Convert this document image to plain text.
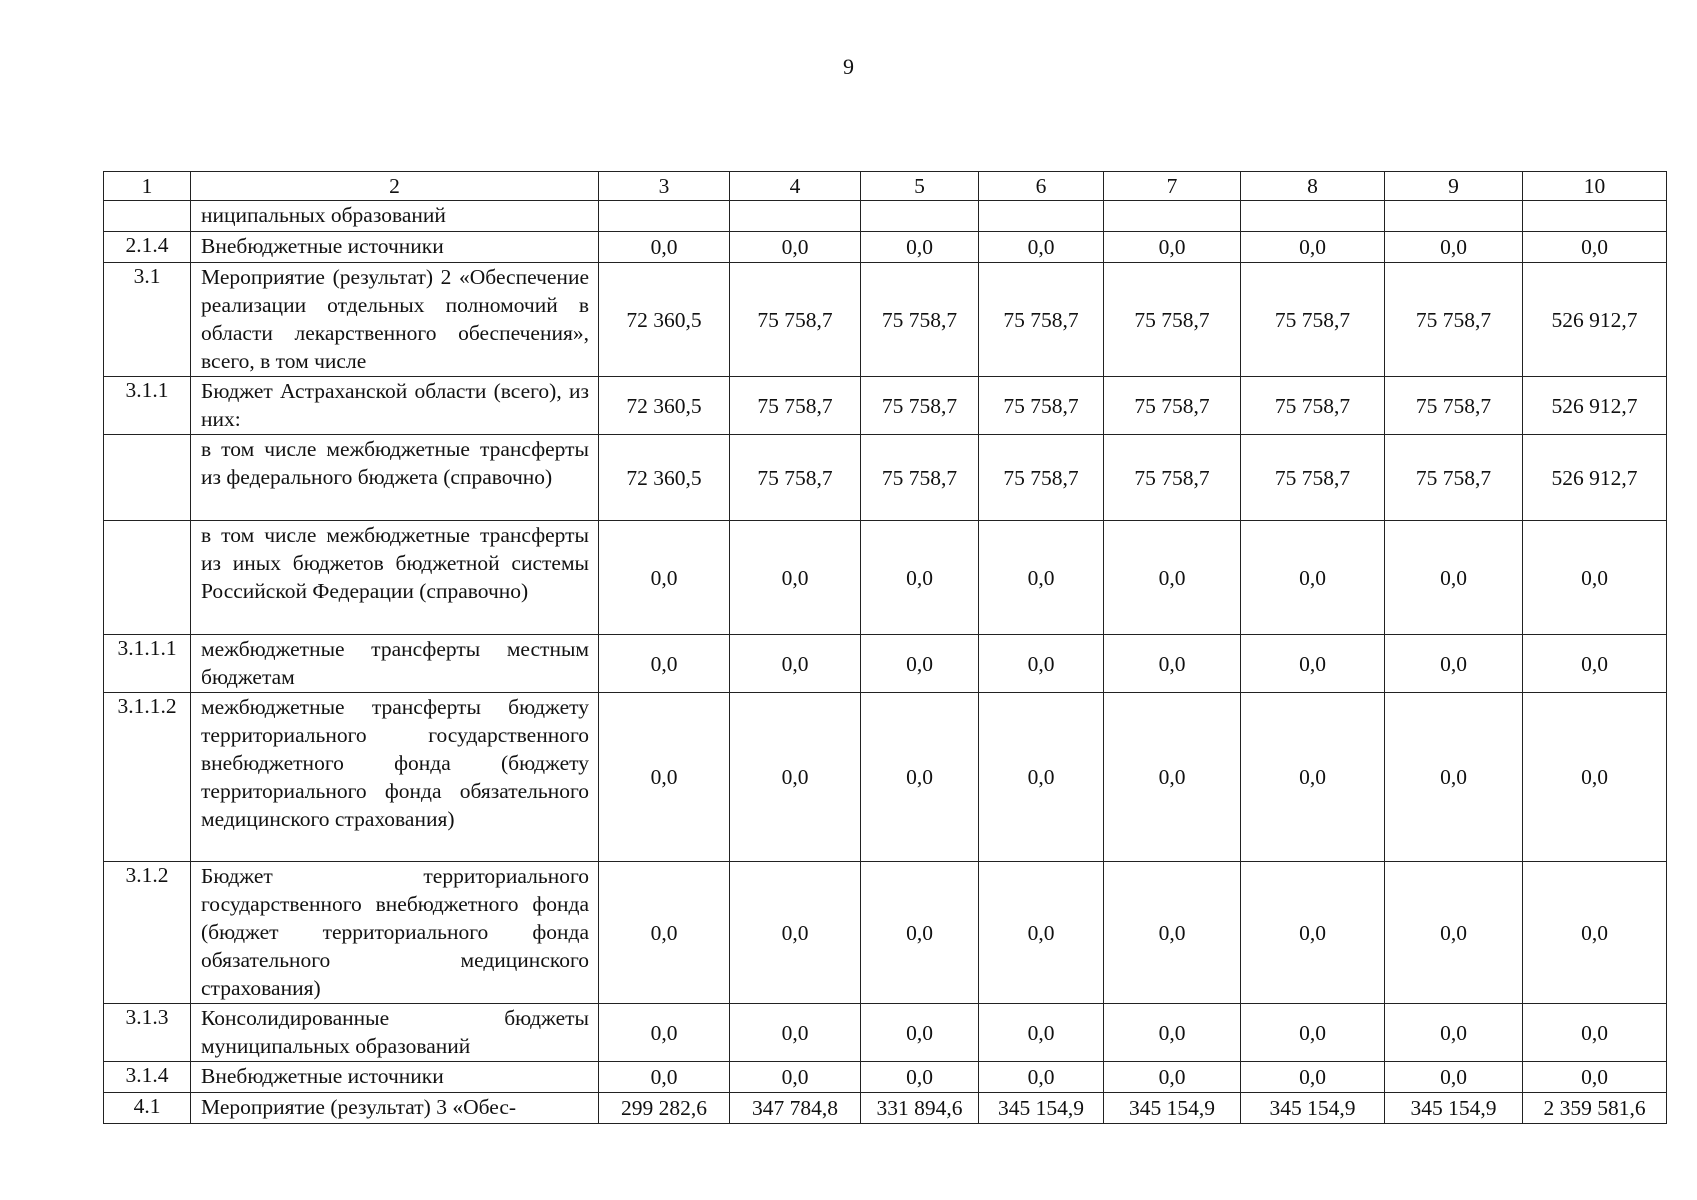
9
1	2	3	4	5	6	7	8	9	10
	ниципальных образований								
2.1.4	Внебюджетные источники	0,0	0,0	0,0	0,0	0,0	0,0	0,0	0,0
3.1	Мероприятие (результат) 2 «Обеспечение реализации отдельных полномочий в области лекарственного обеспечения», всего, в том числе	72 360,5	75 758,7	75 758,7	75 758,7	75 758,7	75 758,7	75 758,7	526 912,7
3.1.1	Бюджет Астраханской области (всего), из них:	72 360,5	75 758,7	75 758,7	75 758,7	75 758,7	75 758,7	75 758,7	526 912,7
	в том числе межбюджетные трансферты из федерального бюджета (справочно)	72 360,5	75 758,7	75 758,7	75 758,7	75 758,7	75 758,7	75 758,7	526 912,7
	в том числе межбюджетные трансферты из иных бюджетов бюджетной системы Российской Федерации (справочно)	0,0	0,0	0,0	0,0	0,0	0,0	0,0	0,0
3.1.1.1	межбюджетные трансферты местным бюджетам	0,0	0,0	0,0	0,0	0,0	0,0	0,0	0,0
3.1.1.2	межбюджетные трансферты бюджету территориального государственного внебюджетного фонда (бюджету территориального фонда обязательного медицинского страхования)	0,0	0,0	0,0	0,0	0,0	0,0	0,0	0,0
3.1.2	Бюджет территориального государственного внебюджетного фонда (бюджет территориального фонда обязательного медицинского страхования)	0,0	0,0	0,0	0,0	0,0	0,0	0,0	0,0
3.1.3	Консолидированные бюджеты муниципальных образований	0,0	0,0	0,0	0,0	0,0	0,0	0,0	0,0
3.1.4	Внебюджетные источники	0,0	0,0	0,0	0,0	0,0	0,0	0,0	0,0
4.1	Мероприятие (результат) 3 «Обес-	299 282,6	347 784,8	331 894,6	345 154,9	345 154,9	345 154,9	345 154,9	2 359 581,6
